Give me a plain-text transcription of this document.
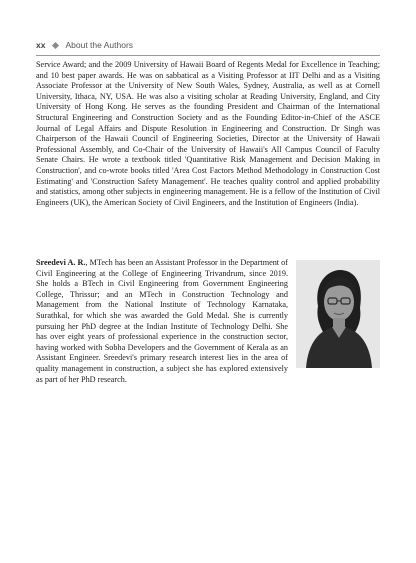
xx About the Authors

Service Award; and the 2009 University of Hawaii Board of Regents Medal for Excellence in Teaching; and 10 best paper awards. He was on sabbatical as a Visiting Professor at IIT Delhi and as a Visiting Associate Professor at the University of New South Wales, Sydney, Australia, as well as at Cornell University, Ithaca, NY, USA. He was also a visiting scholar at Reading University, England, and City University of Hong Kong. He serves as the founding President and Chairman of the International Structural Engineering and Construction Society and as the Founding Editor-in-Chief of the ASCE Journal of Legal Affairs and Dispute Resolution in Engineering and Construction. Dr Singh was Chairperson of the Hawaii Council of Engineering Societies, Director at the University of Hawaii Professional Assembly, and Co-Chair of the University of Hawaii's All Campus Council of Faculty Senate Chairs. He wrote a textbook titled 'Quantitative Risk Management and Decision Making in Construction', and co-wrote books titled 'Area Cost Factors Method Methodology in Construction Cost Estimating' and 'Construction Safety Management'. He teaches quality control and applied probability and statistics, among other subjects in engineering management. He is a fellow of the Institution of Civil Engineers (UK), the American Society of Civil Engineers, and the Institution of Engineers (India).

Sreedevi A. R., MTech has been an Assistant Professor in the Department of Civil Engineering at the College of Engineering Trivandrum, since 2019. She holds a BTech in Civil Engineering from Government Engineering College, Thrissur; and an MTech in Construction Technology and Management from the National Institute of Technology Karnataka, Surathkal, for which she was awarded the Gold Medal. She is currently pursuing her PhD degree at the Indian Institute of Technology Delhi. She has over eight years of professional experience in the construction sector, having worked with Sobha Developers and the Government of Kerala as an Assistant Engineer. Sreedevi's primary research interest lies in the area of quality management in construction, a subject she has explored extensively as part of her PhD research.
